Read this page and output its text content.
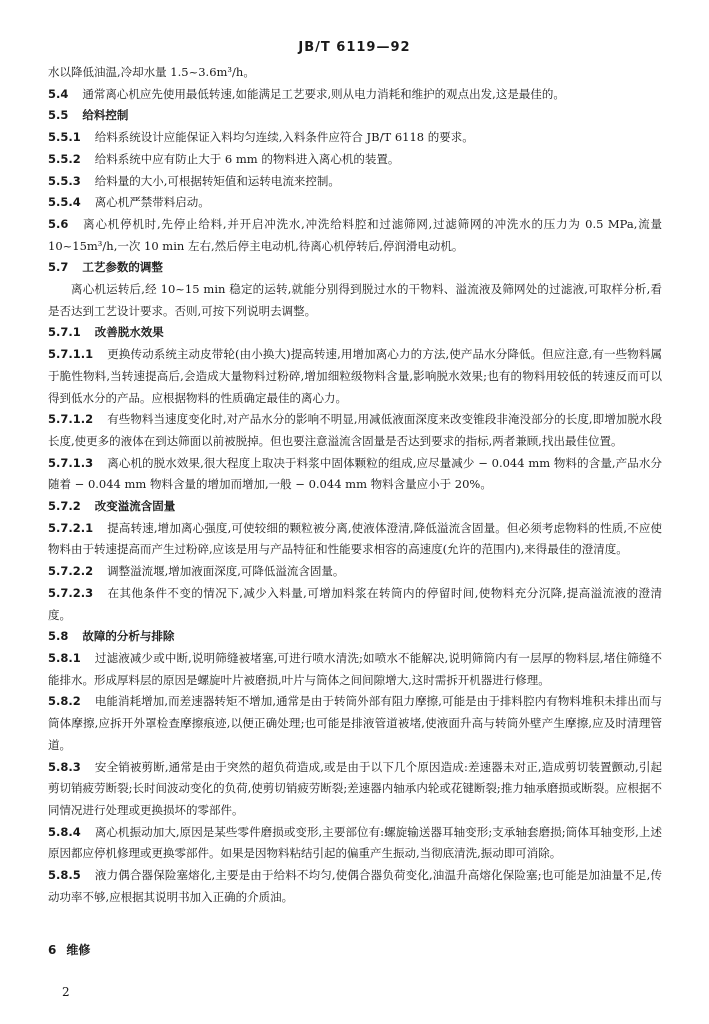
JB/T 6119—92

水以降低油温,冷却水量 1.5~3.6m³/h。

5.4 通常离心机应先使用最低转速,如能满足工艺要求,则从电力消耗和维护的观点出发,这是最佳的。

5.5 给料控制

5.5.1 给料系统设计应能保证入料均匀连续,入料条件应符合 JB/T 6118 的要求。

5.5.2 给料系统中应有防止大于 6 mm 的物料进入离心机的装置。

5.5.3 给料量的大小,可根据转矩值和运转电流来控制。

5.5.4 离心机严禁带料启动。

5.6 离心机停机时,先停止给料,并开启冲洗水,冲洗给料腔和过滤筛网,过滤筛网的冲洗水的压力为 0.5 MPa,流量 10~15m³/h,一次 10 min 左右,然后停主电动机,待离心机停转后,停润滑电动机。

5.7 工艺参数的调整

离心机运转后,经 10~15 min 稳定的运转,就能分别得到脱过水的干物料、溢流液及筛网处的过滤液,可取样分析,看是否达到工艺设计要求。否则,可按下列说明去调整。

5.7.1 改善脱水效果

5.7.1.1 更换传动系统主动皮带轮(由小换大)提高转速,用增加离心力的方法,使产品水分降低。但应注意,有一些物料属于脆性物料,当转速提高后,会造成大量物料过粉碎,增加细粒级物料含量,影响脱水效果;也有的物料用较低的转速反而可以得到低水分的产品。应根据物料的性质确定最佳的离心力。

5.7.1.2 有些物料当速度变化时,对产品水分的影响不明显,用减低液面深度来改变锥段非淹没部分的长度,即增加脱水段长度,使更多的液体在到达筛面以前被脱掉。但也要注意溢流含固量是否达到要求的指标,两者兼顾,找出最佳位置。

5.7.1.3 离心机的脱水效果,很大程度上取决于料浆中固体颗粒的组成,应尽量减少 − 0.044 mm 物料的含量,产品水分随着 − 0.044 mm 物料含量的增加而增加,一般 − 0.044 mm 物料含量应小于 20%。

5.7.2 改变溢流含固量

5.7.2.1 提高转速,增加离心强度,可使较细的颗粒被分离,使液体澄清,降低溢流含固量。但必须考虑物料的性质,不应使物料由于转速提高而产生过粉碎,应该是用与产品特征和性能要求相容的高速度(允许的范围内),来得最佳的澄清度。

5.7.2.2 调整溢流堰,增加液面深度,可降低溢流含固量。

5.7.2.3 在其他条件不变的情况下,减少入料量,可增加料浆在转筒内的停留时间,使物料充分沉降,提高溢流液的澄清度。

5.8 故障的分析与排除

5.8.1 过滤液减少或中断,说明筛缝被堵塞,可进行喷水清洗;如喷水不能解决,说明筛筒内有一层厚的物料层,堵住筛缝不能排水。形成厚料层的原因是螺旋叶片被磨损,叶片与筒体之间间隙增大,这时需拆开机器进行修理。

5.8.2 电能消耗增加,而差速器转矩不增加,通常是由于转筒外部有阻力摩擦,可能是由于排料腔内有物料堆积未排出而与筒体摩擦,应拆开外罩检查摩擦痕迹,以便正确处理;也可能是排液管道被堵,使液面升高与转筒外壁产生摩擦,应及时清理管道。

5.8.3 安全销被剪断,通常是由于突然的超负荷造成,或是由于以下几个原因造成:差速器未对正,造成剪切装置颤动,引起剪切销疲劳断裂;长时间波动变化的负荷,使剪切销疲劳断裂;差速器内轴承内轮或花键断裂;推力轴承磨损或断裂。应根据不同情况进行处理或更换损坏的零部件。

5.8.4 离心机振动加大,原因是某些零件磨损或变形,主要部位有:螺旋输送器耳轴变形;支承轴套磨损;筒体耳轴变形,上述原因都应停机修理或更换零部件。如果是因物料粘结引起的偏重产生振动,当彻底清洗,振动即可消除。

5.8.5 液力偶合器保险塞熔化,主要是由于给料不均匀,使偶合器负荷变化,油温升高熔化保险塞;也可能是加油量不足,传动功率不够,应根据其说明书加入正确的介质油。

6 维修
2
